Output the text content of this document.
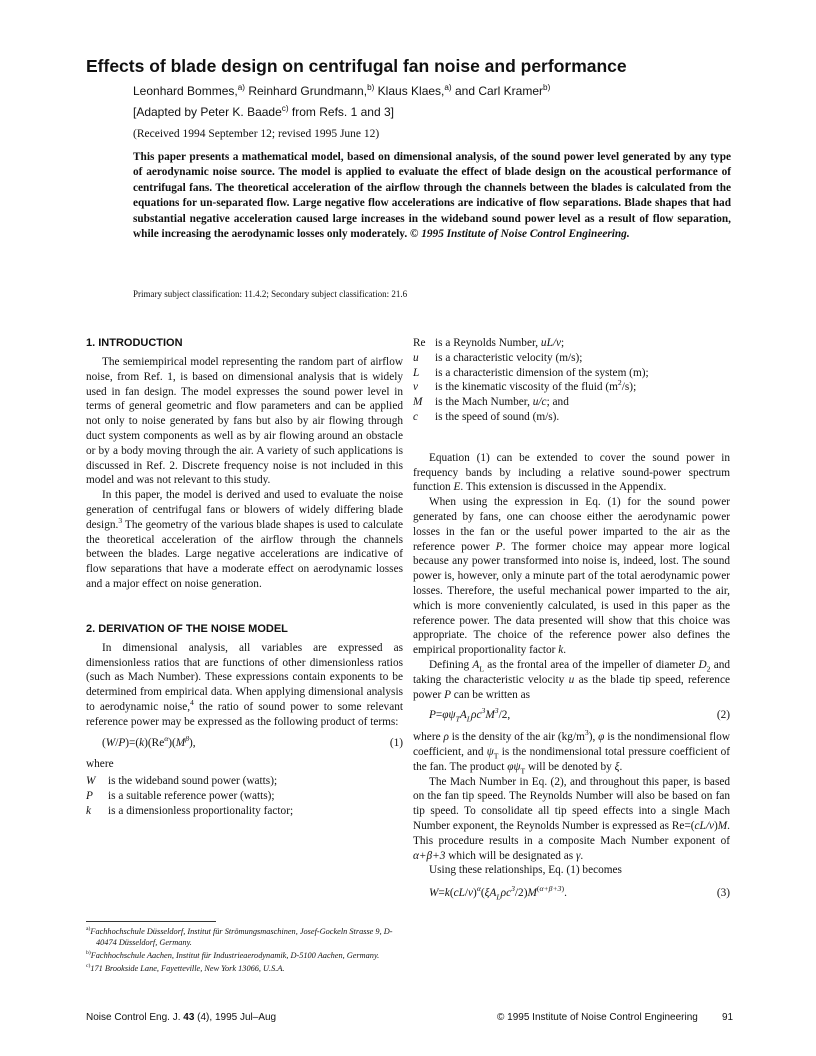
Effects of blade design on centrifugal fan noise and performance
Leonhard Bommes,$^{a)}$ Reinhard Grundmann,$^{b)}$ Klaus Klaes,$^{a)}$ and Carl Kramer$^{b)}$
[Adapted by Peter K. Baade$^{c)}$ from Refs. 1 and 3]
(Received 1994 September 12; revised 1995 June 12)

This paper presents a mathematical model, based on dimensional analysis, of the sound power level generated by any type of aerodynamic noise source. The model is applied to evaluate the effect of blade design on the acoustical performance of centrifugal fans. The theoretical acceleration of the airflow through the channels between the blades is calculated from the equations for un-separated flow. Large negative flow accelerations are indicative of flow separations. Blade shapes that had substantial negative acceleration caused large increases in the wideband sound power level as a result of flow separation, while increasing the aerodynamic losses only moderately. © 1995 Institute of Noise Control Engineering.

Primary subject classification: 11.4.2; Secondary subject classification: 21.6
1. INTRODUCTION

The semiempirical model representing the random part of airflow noise, from Ref. 1, is based on dimensional analysis that is widely used in fan design. The model expresses the sound power level in terms of general geometric and flow parameters and can be applied not only to noise generated by fans but also by air flowing through duct system components as well as by air flowing around an obstacle or by a body moving through the air. A variety of such applications is discussed in Ref. 2. Discrete frequency noise is not included in this model and was not relevant to this study.

In this paper, the model is derived and used to evaluate the noise generation of centrifugal fans or blowers of widely differing blade design.$^3$ The geometry of the various blade shapes is used to calculate the theoretical acceleration of the airflow through the channels between the blades. Large negative accelerations are indicative of flow separations that have a moderate effect on aerodynamic losses and a major effect on noise generation.

2. DERIVATION OF THE NOISE MODEL

In dimensional analysis, all variables are expressed as dimensionless ratios that are functions of other dimensionless ratios (such as Mach Number). These expressions contain exponents to be determined from empirical data. When applying dimensional analysis to aerodynamic noise,$^4$ the ratio of sound power to some relevant reference power may be expressed as the following product of terms:

$(W/P)=(k)(Re^\alpha)(M^\beta)$,	(1)

where

W	is the wideband sound power (watts);
P	is a suitable reference power (watts);
k	is a dimensionless proportionality factor;

$^{a)}$Fachhochschule Düsseldorf, Institut für Strömungsmaschinen, Josef-Gockeln Strasse 9, D-40474 Düsseldorf, Germany.

$^{b)}$Fachhochschule Aachen, Institut für Industrieaerodynamik, D-5100 Aachen, Germany.

$^{c)}$171 Brookside Lane, Fayetteville, New York 13066, U.S.A.

Re is a Reynolds Number, uL/ν;
u	is a characteristic velocity (m/s);
L	is a characteristic dimension of the system (m);
ν	is the kinematic viscosity of the fluid $(m^2/s)$;
M	is the Mach Number, u/c; and
c	is the speed of sound (m/s).

Equation (1) can be extended to cover the sound power in frequency bands by including a relative sound-power spectrum function E. This extension is discussed in the Appendix.

When using the expression in Eq. (1) for the sound power generated by fans, one can choose either the aerodynamic power losses in the fan or the useful power imparted to the air as the reference power P. The former choice may appear more logical because any power transformed into noise is, indeed, lost. The sound power is, however, only a minute part of the total aerodynamic power losses. Therefore, the useful mechanical power imparted to the air, which is more conveniently calculated, is used in this paper as the reference power. The data presented will show that this choice was appropriate. The choice of the reference power also defines the empirical proportionality factor k.

Defining $A_L$ as the frontal area of the impeller of diameter $D_2$ and taking the characteristic velocity u as the blade tip speed, reference power P can be written as

$P=\varphi\psi_TA_L\rho c^3M^3/2$,	(2)

where ρ is the density of the air $(kg/m^3)$, φ is the nondimensional flow coefficient, and $\psi_T$ is the nondimensional total pressure coefficient of the fan. The product $\varphi\psi_T$ will be denoted by ξ.

The Mach Number in Eq. (2), and throughout this paper, is based on the fan tip speed. The Reynolds Number will also be based on fan tip speed. To consolidate all tip speed effects into a single Mach Number exponent, the Reynolds Number is expressed as Re=(cL/ν)M. This procedure results in a composite Mach Number exponent of α+β+3 which will be designated as γ.

Using these relationships, Eq. (1) becomes

$W=k(cL/\nu)^\alpha(\xi A_L\rho c^3/2)M^{(\alpha+\beta+3)}$.	(3)
Noise Control Eng. J. 43 (4), 1995 Jul–Aug	© 1995 Institute of Noise Control Engineering 91
